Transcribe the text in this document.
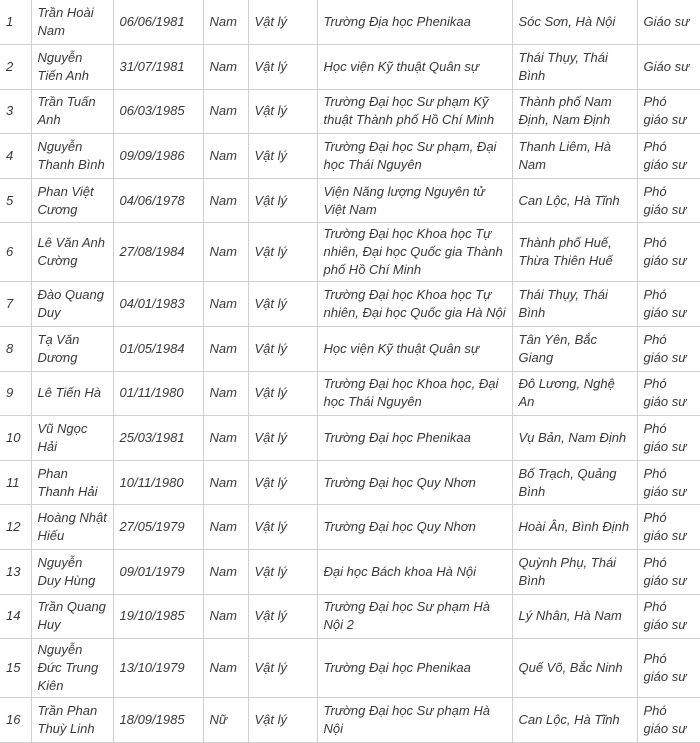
1	Trần Hoài Nam	06/06/1981	Nam	Vật lý	Trường Địa học Phenikaa	Sóc Sơn, Hà Nội	Giáo sư
2	Nguyễn Tiến Anh	31/07/1981	Nam	Vật lý	Học viện Kỹ thuật Quân sự	Thái Thụy, Thái Bình	Giáo sư
3	Trần Tuấn Anh	06/03/1985	Nam	Vật lý	Trường Đại học Sư phạm Kỹ thuật Thành phố Hồ Chí Minh	Thành phố Nam Định, Nam Định	Phó giáo sư
4	Nguyễn Thanh Bình	09/09/1986	Nam	Vật lý	Trường Đại học Sư phạm, Đại học Thái Nguyên	Thanh Liêm, Hà Nam	Phó giáo sư
5	Phan Việt Cương	04/06/1978	Nam	Vật lý	Viện Năng lượng Nguyên tử Việt Nam	Can Lộc, Hà Tĩnh	Phó giáo sư
6	Lê Văn Anh Cường	27/08/1984	Nam	Vật lý	Trường Đại học Khoa học Tự nhiên, Đại học Quốc gia Thành phố Hồ Chí Minh	Thành phố Huế, Thừa Thiên Huế	Phó giáo sư
7	Đào Quang Duy	04/01/1983	Nam	Vật lý	Trường Đại học Khoa học Tự nhiên, Đại học Quốc gia Hà Nội	Thái Thụy, Thái Bình	Phó giáo sư
8	Tạ Văn Dương	01/05/1984	Nam	Vật lý	Học viện Kỹ thuật Quân sự	Tân Yên, Bắc Giang	Phó giáo sư
9	Lê Tiến Hà	01/11/1980	Nam	Vật lý	Trường Đại học Khoa học, Đại học Thái Nguyên	Đô Lương, Nghệ An	Phó giáo sư
10	Vũ Ngọc Hải	25/03/1981	Nam	Vật lý	Trường Đại học Phenikaa	Vụ Bản, Nam Định	Phó giáo sư
11	Phan Thanh Hải	10/11/1980	Nam	Vật lý	Trường Đại học Quy Nhơn	Bố Trạch, Quảng Bình	Phó giáo sư
12	Hoàng Nhật Hiếu	27/05/1979	Nam	Vật lý	Trường Đại học Quy Nhơn	Hoài Ân, Bình Định	Phó giáo sư
13	Nguyễn Duy Hùng	09/01/1979	Nam	Vật lý	Đại học Bách khoa Hà Nội	Quỳnh Phụ, Thái Bình	Phó giáo sư
14	Trần Quang Huy	19/10/1985	Nam	Vật lý	Trường Đại học Sư phạm Hà Nội 2	Lý Nhân, Hà Nam	Phó giáo sư
15	Nguyễn Đức Trung Kiên	13/10/1979	Nam	Vật lý	Trường Đại học Phenikaa	Quế Võ, Bắc Ninh	Phó giáo sư
16	Trần Phan Thuỳ Linh	18/09/1985	Nữ	Vật lý	Trường Đại học Sư phạm Hà Nội	Can Lộc, Hà Tĩnh	Phó giáo sư
